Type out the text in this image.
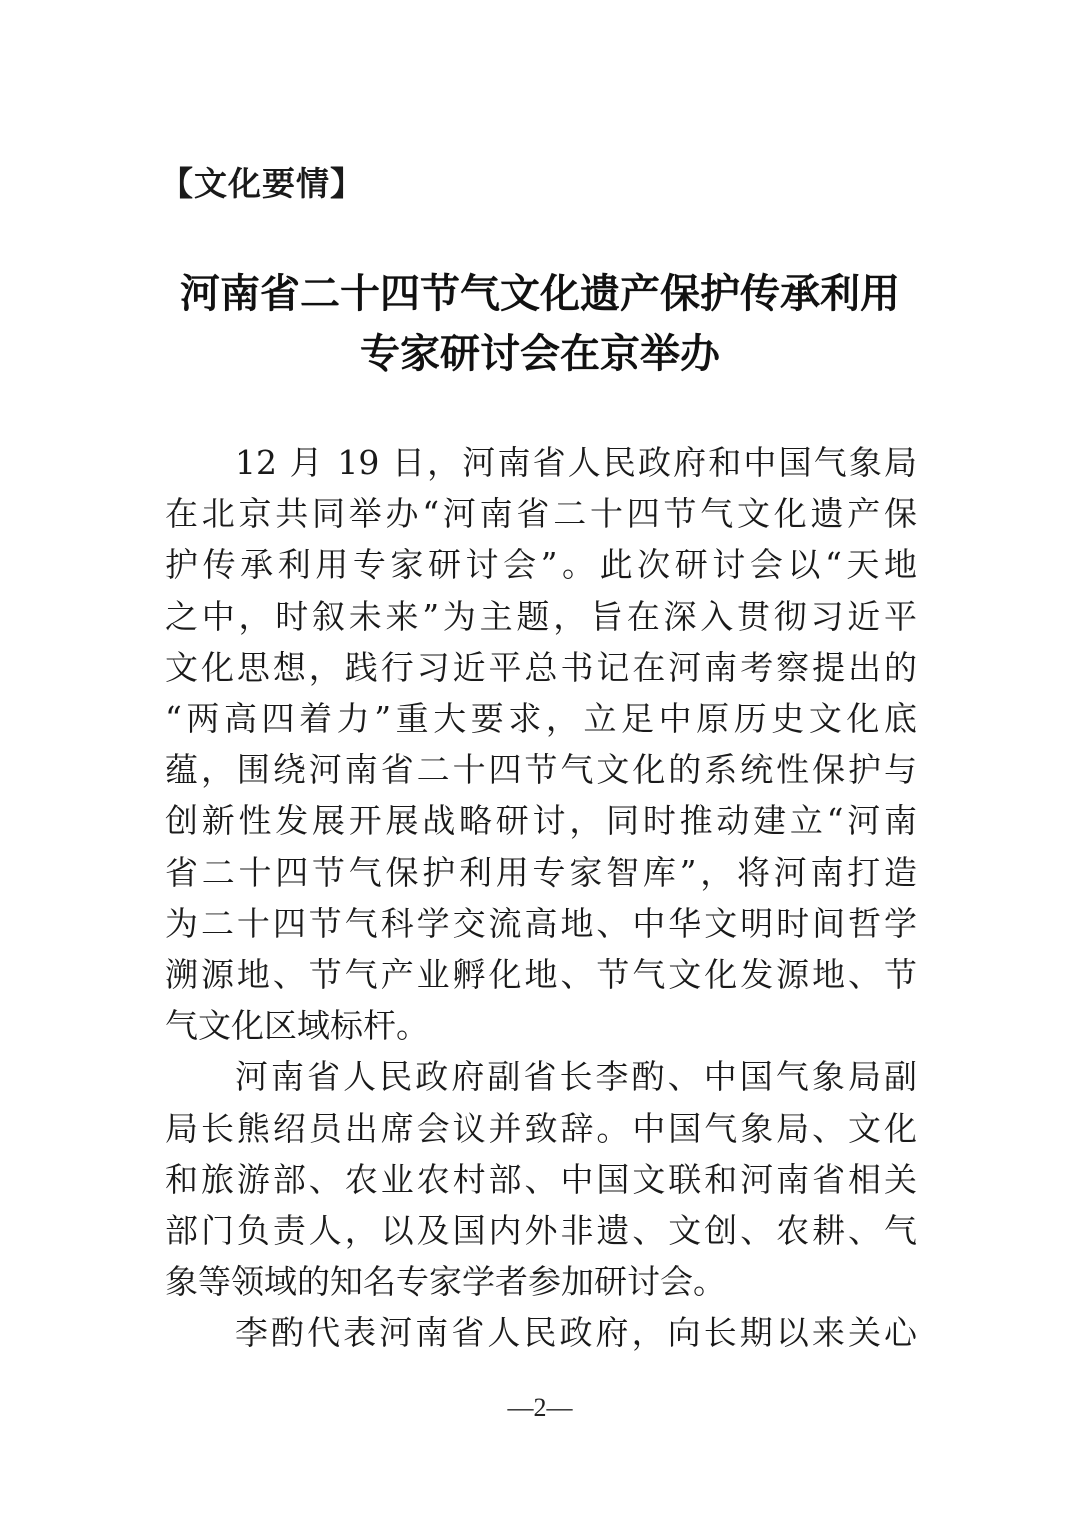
【文化要情】
河南省二十四节气文化遗产保护传承利用
专家研讨会在京举办
12 月 19 日，河南省人民政府和中国气象局
在北京共同举办“河南省二十四节气文化遗产保
护传承利用专家研讨会”。此次研讨会以“天地
之中，时叙未来”为主题，旨在深入贯彻习近平
文化思想，践行习近平总书记在河南考察提出的
“两高四着力”重大要求，立足中原历史文化底
蕴，围绕河南省二十四节气文化的系统性保护与
创新性发展开展战略研讨，同时推动建立“河南
省二十四节气保护利用专家智库”，将河南打造
为二十四节气科学交流高地、中华文明时间哲学
溯源地、节气产业孵化地、节气文化发源地、节
气文化区域标杆。
河南省人民政府副省长李酌、中国气象局副
局长熊绍员出席会议并致辞。中国气象局、文化
和旅游部、农业农村部、中国文联和河南省相关
部门负责人，以及国内外非遗、文创、农耕、气
象等领域的知名专家学者参加研讨会。
李酌代表河南省人民政府，向长期以来关心
—2—
